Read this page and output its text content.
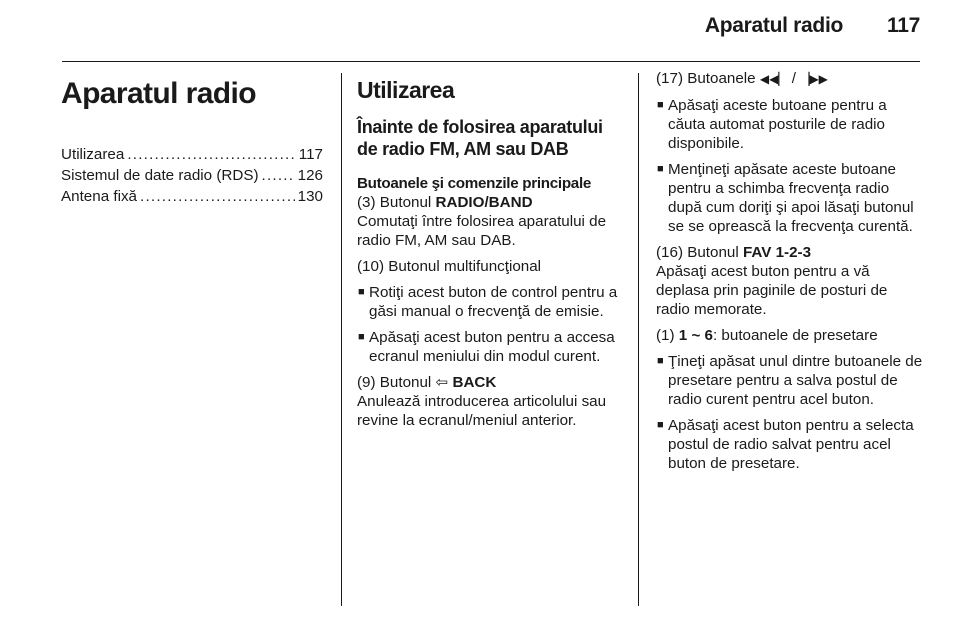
Aparatul radio 117
Aparatul radio
Utilizarea . . .	117
Sistemul de date radio (RDS) . . .	126
Antena fixă . . .	130
Utilizarea
Înainte de folosirea aparatului de radio FM, AM sau DAB

Butoanele şi comenzile principale

(3) Butonul RADIO/BAND

Comutaţi între folosirea aparatului de radio FM, AM sau DAB.

(10) Butonul multifuncţional

■ Rotiţi acest buton de control pentru a găsi manual o frecvenţă de emisie.
■ Apăsaţi acest buton pentru a accesa ecranul meniului din modul curent.

(9) Butonul ⇦ BACK

Anulează introducerea articolului sau revine la ecranul/meniul anterior.

(17) Butoanele ◀◀▏ / ▕▶▶

■ Apăsaţi aceste butoane pentru a căuta automat posturile de radio disponibile.
■ Menţineţi apăsate aceste butoane pentru a schimba frecvenţa radio după cum doriţi şi apoi lăsaţi butonul se se oprească la frecvenţa curentă.

(16) Butonul FAV 1-2-3

Apăsaţi acest buton pentru a vă deplasa prin paginile de posturi de radio memorate.

(1) 1 ~ 6: butoanele de presetare

■ Ţineţi apăsat unul dintre butoanele de presetare pentru a salva postul de radio curent pentru acel buton.
■ Apăsaţi acest buton pentru a selecta postul de radio salvat pentru acel buton de presetare.
